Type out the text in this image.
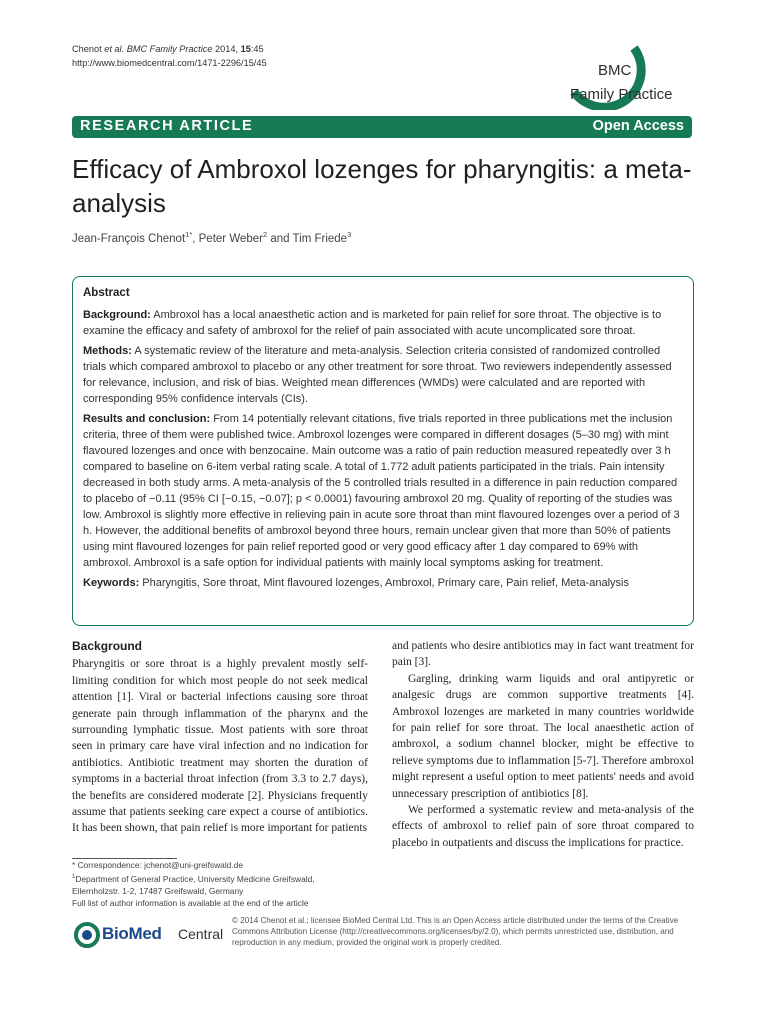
Chenot et al. BMC Family Practice 2014, 15:45
http://www.biomedcentral.com/1471-2296/15/45	BMC
Family Practice
RESEARCH ARTICLE	Open Access
Efficacy of Ambroxol lozenges for pharyngitis: a meta-analysis
Jean-François Chenot$^{1*}$, Peter Weber$^2$ and Tim Friede$^3$
Abstract

Background: Ambroxol has a local anaesthetic action and is marketed for pain relief for sore throat. The objective is to examine the efficacy and safety of ambroxol for the relief of pain associated with acute uncomplicated sore throat.

Methods: A systematic review of the literature and meta-analysis. Selection criteria consisted of randomized controlled trials which compared ambroxol to placebo or any other treatment for sore throat. Two reviewers independently assessed for relevance, inclusion, and risk of bias. Weighted mean differences (WMDs) were calculated and are reported with corresponding 95% confidence intervals (CIs).

Results and conclusion: From 14 potentially relevant citations, five trials reported in three publications met the inclusion criteria, three of them were published twice. Ambroxol lozenges were compared in different dosages (5–30 mg) with mint flavoured lozenges and once with benzocaine. Main outcome was a ratio of pain reduction measured repeatedly over 3 h compared to baseline on 6-item verbal rating scale. A total of 1.772 adult patients participated in the trials. Pain intensity decreased in both study arms. A meta-analysis of the 5 controlled trials resulted in a difference in pain reduction compared to placebo of −0.11 (95% CI [−0.15, −0.07]; p < 0.0001) favouring ambroxol 20 mg. Quality of reporting of the studies was low. Ambroxol is slightly more effective in relieving pain in acute sore throat than mint flavoured lozenges over a period of 3 h. However, the additional benefits of ambroxol beyond three hours, remain unclear given that more than 50% of patients using mint flavoured lozenges for pain relief reported good or very good efficacy after 1 day compared to 69% with ambroxol. Ambroxol is a safe option for individual patients with mainly local symptoms asking for treatment.

Keywords: Pharyngitis, Sore throat, Mint flavoured lozenges, Ambroxol, Primary care, Pain relief, Meta-analysis

Background

Pharyngitis or sore throat is a highly prevalent mostly self-limiting condition for which most people do not seek medical attention [1]. Viral or bacterial infections causing sore throat generate pain through inflammation of the pharynx and the surrounding lymphatic tissue. Most patients with sore throat seen in primary care have viral infection and no indication for antibiotics. Antibiotic treatment may shorten the duration of symptoms in a bacterial throat infection (from 3.3 to 2.7 days), the benefits are considered moderate [2]. Physicians frequently assume that patients seeking care expect a course of antibiotics. It has been shown, that pain relief is more important for patients

and patients who desire antibiotics may in fact want treatment for pain [3].

Gargling, drinking warm liquids and oral antipyretic or analgesic drugs are common supportive treatments [4]. Ambroxol lozenges are marketed in many countries worldwide for pain relief for sore throat. The local anaesthetic action of ambroxol, a sodium channel blocker, might be effective to relieve symptoms due to inflammation [5-7]. Therefore ambroxol might represent a useful option to meet patients' needs and avoid unnecessary prescription of antibiotics [8].

We performed a systematic review and meta-analysis of the effects of ambroxol to relief pain of sore throat compared to placebo in outpatients and discuss the implications for practice.

* Correspondence: jchenot@uni-greifswald.de
$^1$Department of General Practice, University Medicine Greifswald,
Ellernholzstr. 1-2, 17487 Greifswald, Germany
Full list of author information is available at the end of the article
BioMed Central
© 2014 Chenot et al.; licensee BioMed Central Ltd. This is an Open Access article distributed under the terms of the Creative Commons Attribution License (http://creativecommons.org/licenses/by/2.0), which permits unrestricted use, distribution, and reproduction in any medium, provided the original work is properly credited.
